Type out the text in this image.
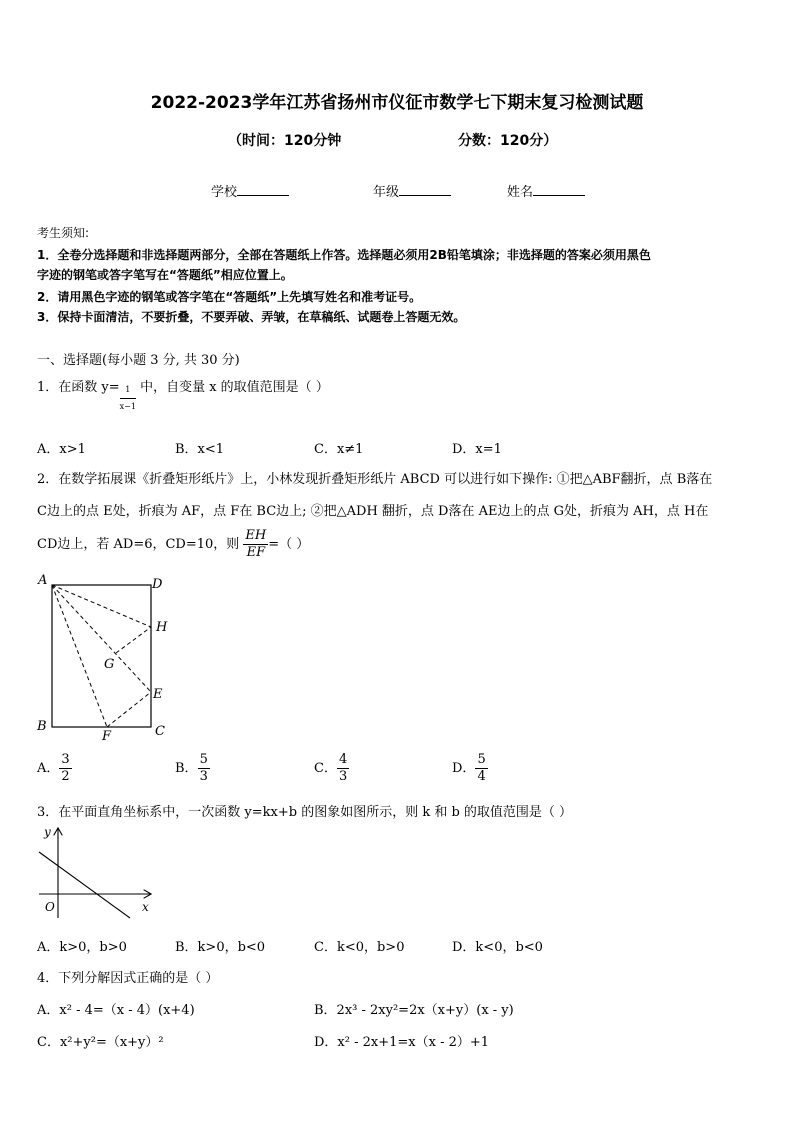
2022-2023学年江苏省扬州市仪征市数学七下期末复习检测试题
（时间：120分钟	分数：120分）
学校	年级	姓名
考生须知:
1．全卷分选择题和非选择题两部分，全部在答题纸上作答。选择题必须用2B铅笔填涂；非选择题的答案必须用黑色
字迹的钢笔或答字笔写在“答题纸”相应位置上。
2．请用黑色字迹的钢笔或答字笔在“答题纸”上先填写姓名和准考证号。
3．保持卡面清洁，不要折叠，不要弄破、弄皱，在草稿纸、试题卷上答题无效。
一、选择题(每小题 3 分, 共 30 分)
1．在函数 $y= \frac{1}{x-1}$ 中，自变量 x 的取值范围是（ ）
A．x>1	B．x<1	C．x≠1	D．x=1
2．在数学拓展课《折叠矩形纸片》上，小林发现折叠矩形纸片 ABCD 可以进行如下操作: ①把△ABF翻折，点 B落在
C边上的点 E处，折痕为 AF，点 F在 BC边上; ②把△ADH 翻折，点 D落在 AE边上的点 G处，折痕为 AH，点 H在
CD边上，若 AD=6，CD=10，则 $\frac{EH}{EF}$ =（ ）
A	D
H
G
E
B
F	C
A． $\frac{3}{2}$	B． $\frac{5}{3}$	C． $\frac{4}{3}$	D． $\frac{5}{4}$
3．在平面直角坐标系中，一次函数 y=kx+b 的图象如图所示，则 k 和 b 的取值范围是（ ）
y
x
O
A．k>0，b>0	B．k>0，b<0	C．k<0，b>0	D．k<0，b<0
4．下列分解因式正确的是（ ）
A．x² - 4=（x - 4）(x+4)	B．2x³ - 2xy²=2x（x+y）(x - y)
C．x²+y²=（x+y）²	D．x² - 2x+1=x（x - 2）+1
